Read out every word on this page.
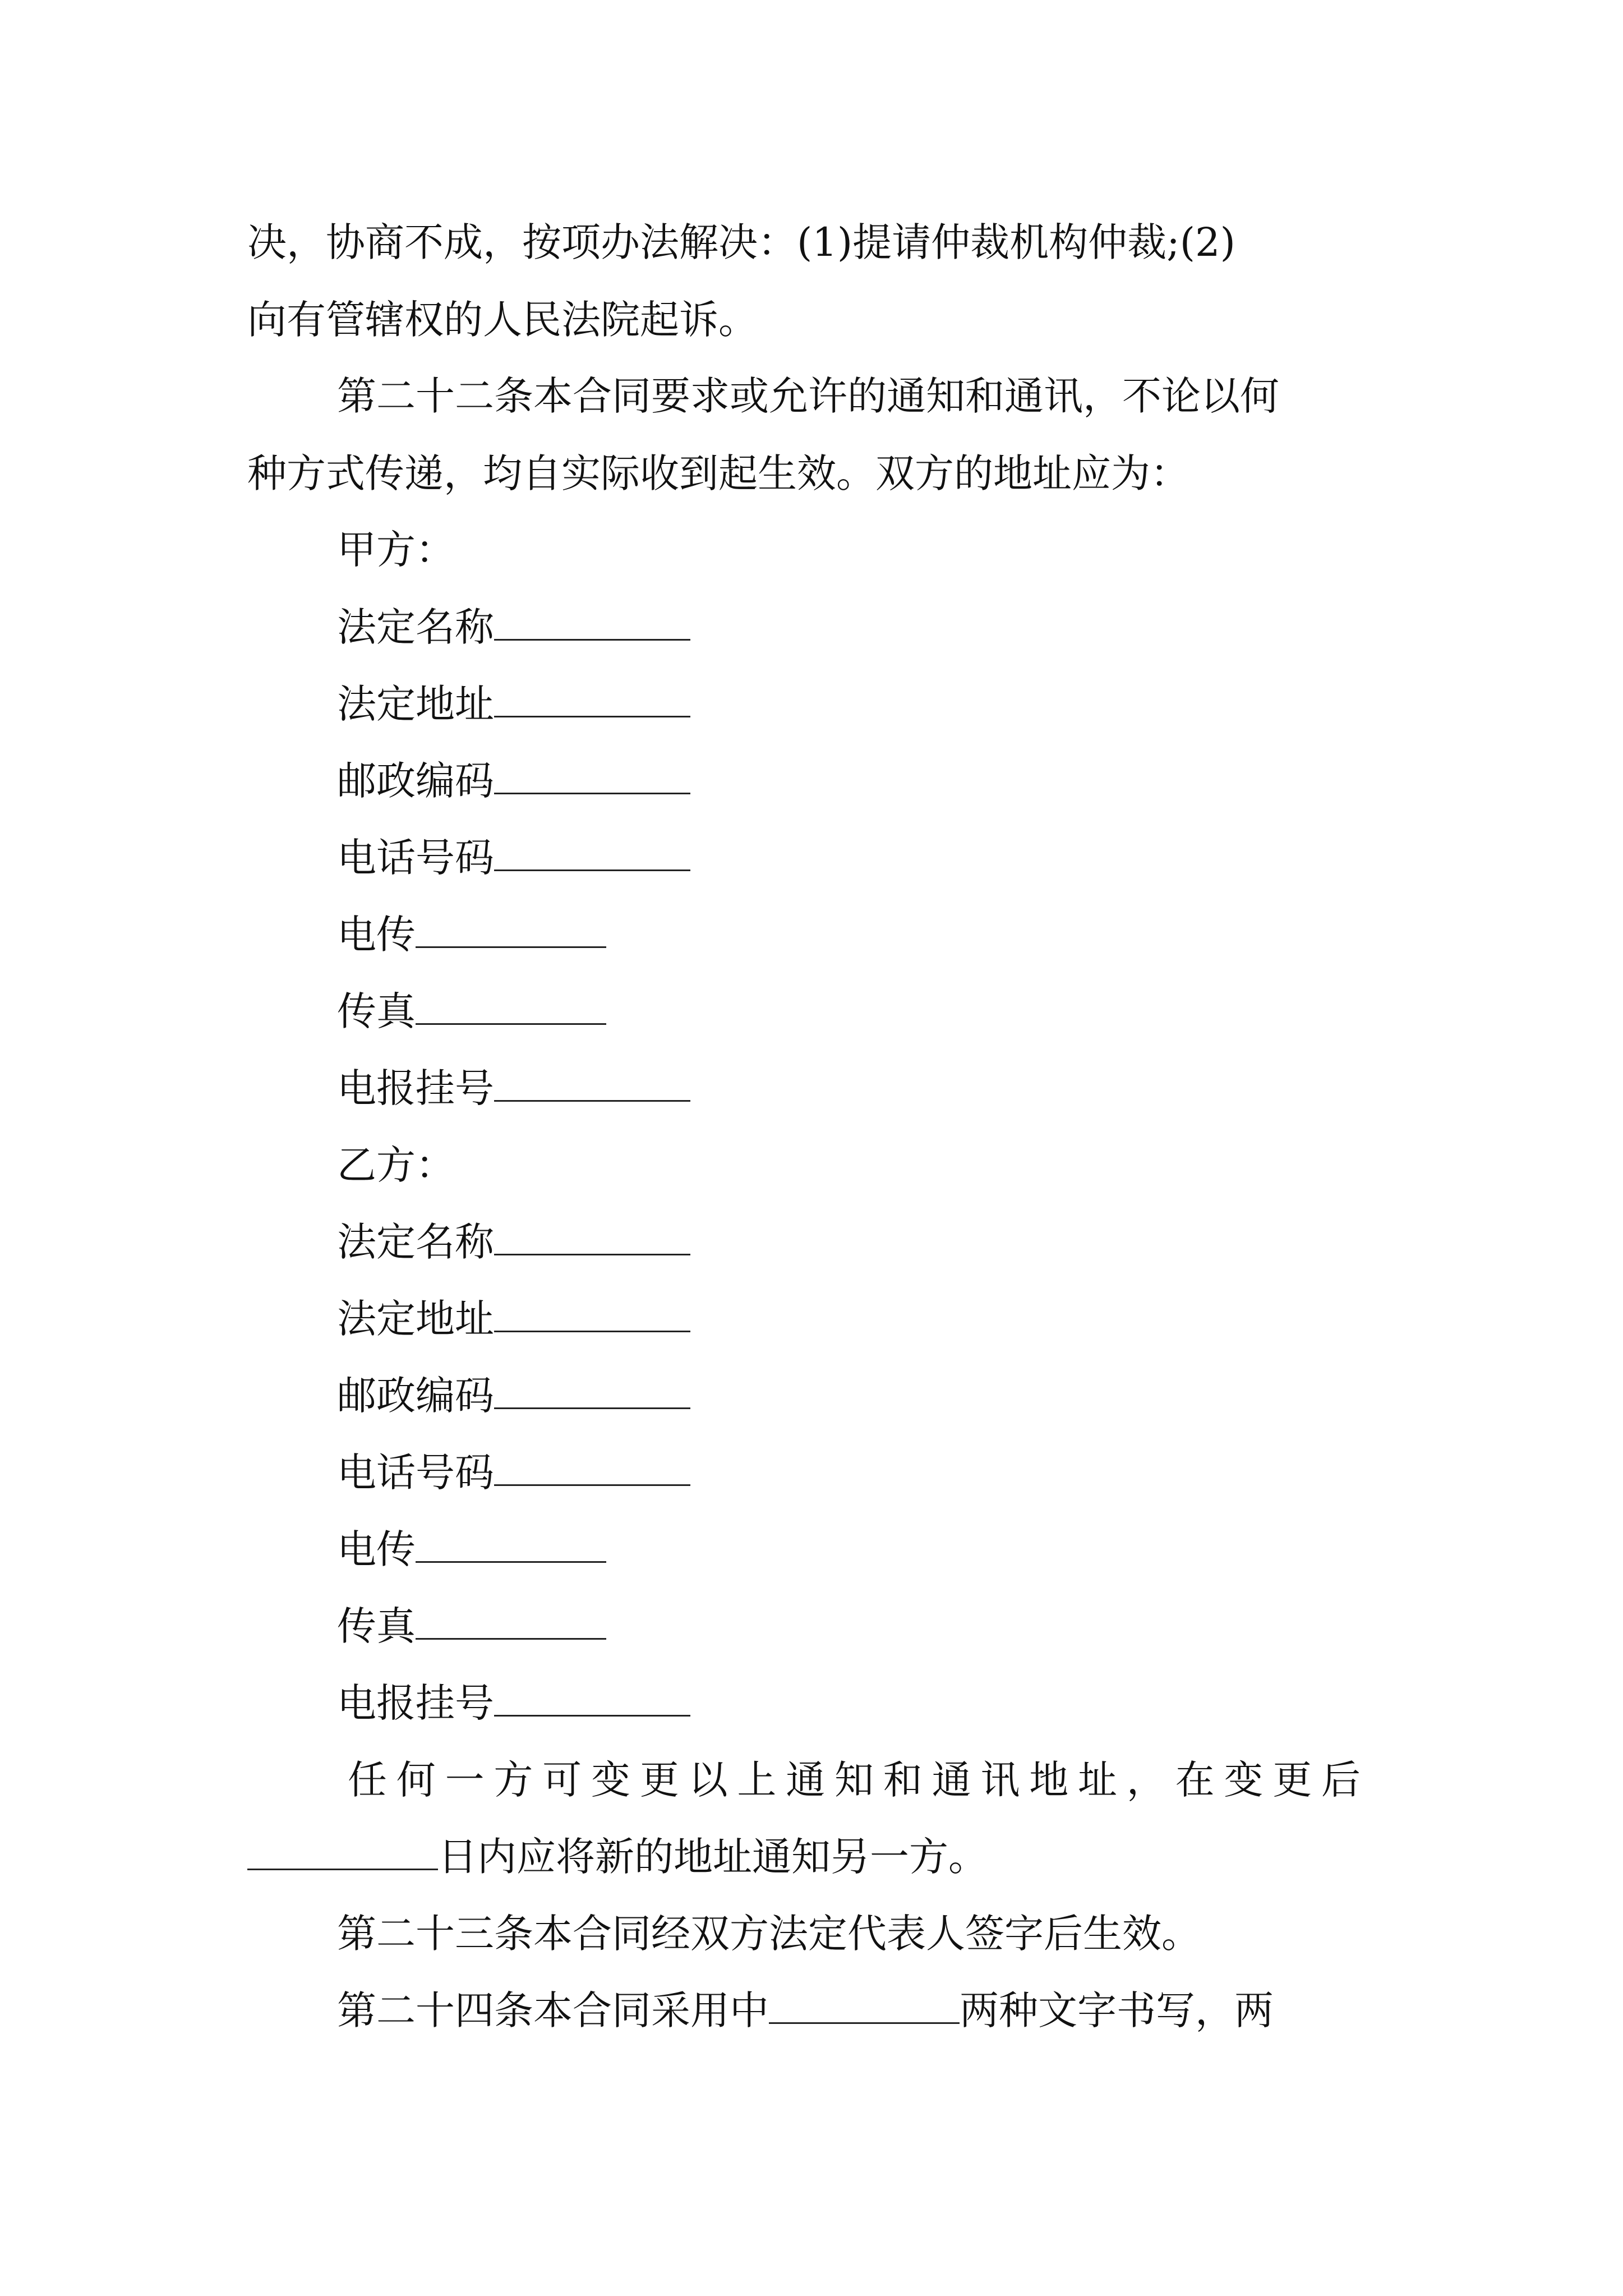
决，协商不成，按项办法解决：(1)提请仲裁机构仲裁;(2)
向有管辖权的人民法院起诉。
第二十二条本合同要求或允许的通知和通讯，不论以何
种方式传递，均自实际收到起生效。双方的地址应为：
甲方：
法定名称
法定地址
邮政编码
电话号码
电传
传真
电报挂号
乙方：
法定名称
法定地址
邮政编码
电话号码
电传
传真
电报挂号
任何一方可变更以上通知和通讯地址，在变更后
日内应将新的地址通知另一方。
第二十三条本合同经双方法定代表人签字后生效。
第二十四条本合同采用中	两种文字书写，两
